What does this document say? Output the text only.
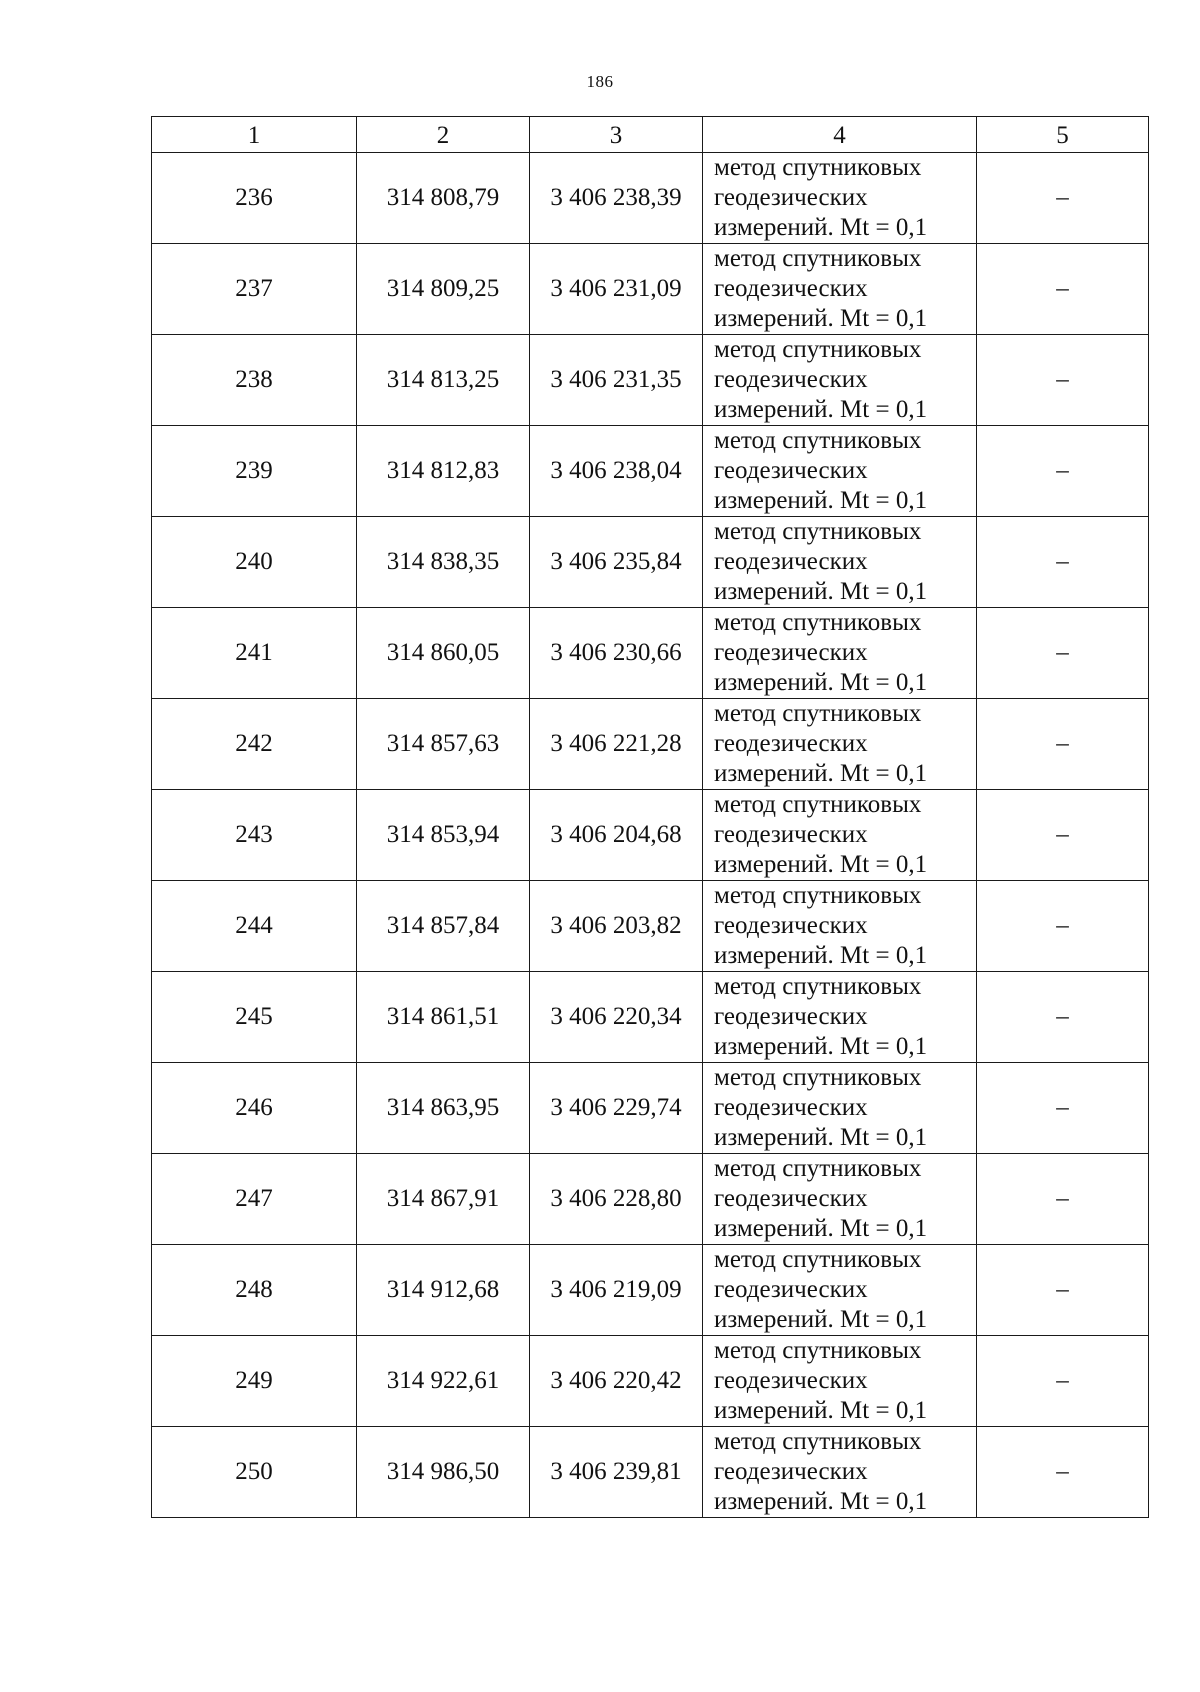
186
1	2	3	4	5
236	314 808,79	3 406 238,39	метод спутниковых
геодезических
измерений. Mt = 0,1	–
237	314 809,25	3 406 231,09	метод спутниковых
геодезических
измерений. Mt = 0,1	–
238	314 813,25	3 406 231,35	метод спутниковых
геодезических
измерений. Mt = 0,1	–
239	314 812,83	3 406 238,04	метод спутниковых
геодезических
измерений. Mt = 0,1	–
240	314 838,35	3 406 235,84	метод спутниковых
геодезических
измерений. Mt = 0,1	–
241	314 860,05	3 406 230,66	метод спутниковых
геодезических
измерений. Mt = 0,1	–
242	314 857,63	3 406 221,28	метод спутниковых
геодезических
измерений. Mt = 0,1	–
243	314 853,94	3 406 204,68	метод спутниковых
геодезических
измерений. Mt = 0,1	–
244	314 857,84	3 406 203,82	метод спутниковых
геодезических
измерений. Mt = 0,1	–
245	314 861,51	3 406 220,34	метод спутниковых
геодезических
измерений. Mt = 0,1	–
246	314 863,95	3 406 229,74	метод спутниковых
геодезических
измерений. Mt = 0,1	–
247	314 867,91	3 406 228,80	метод спутниковых
геодезических
измерений. Mt = 0,1	–
248	314 912,68	3 406 219,09	метод спутниковых
геодезических
измерений. Mt = 0,1	–
249	314 922,61	3 406 220,42	метод спутниковых
геодезических
измерений. Mt = 0,1	–
250	314 986,50	3 406 239,81	метод спутниковых
геодезических
измерений. Mt = 0,1	–
